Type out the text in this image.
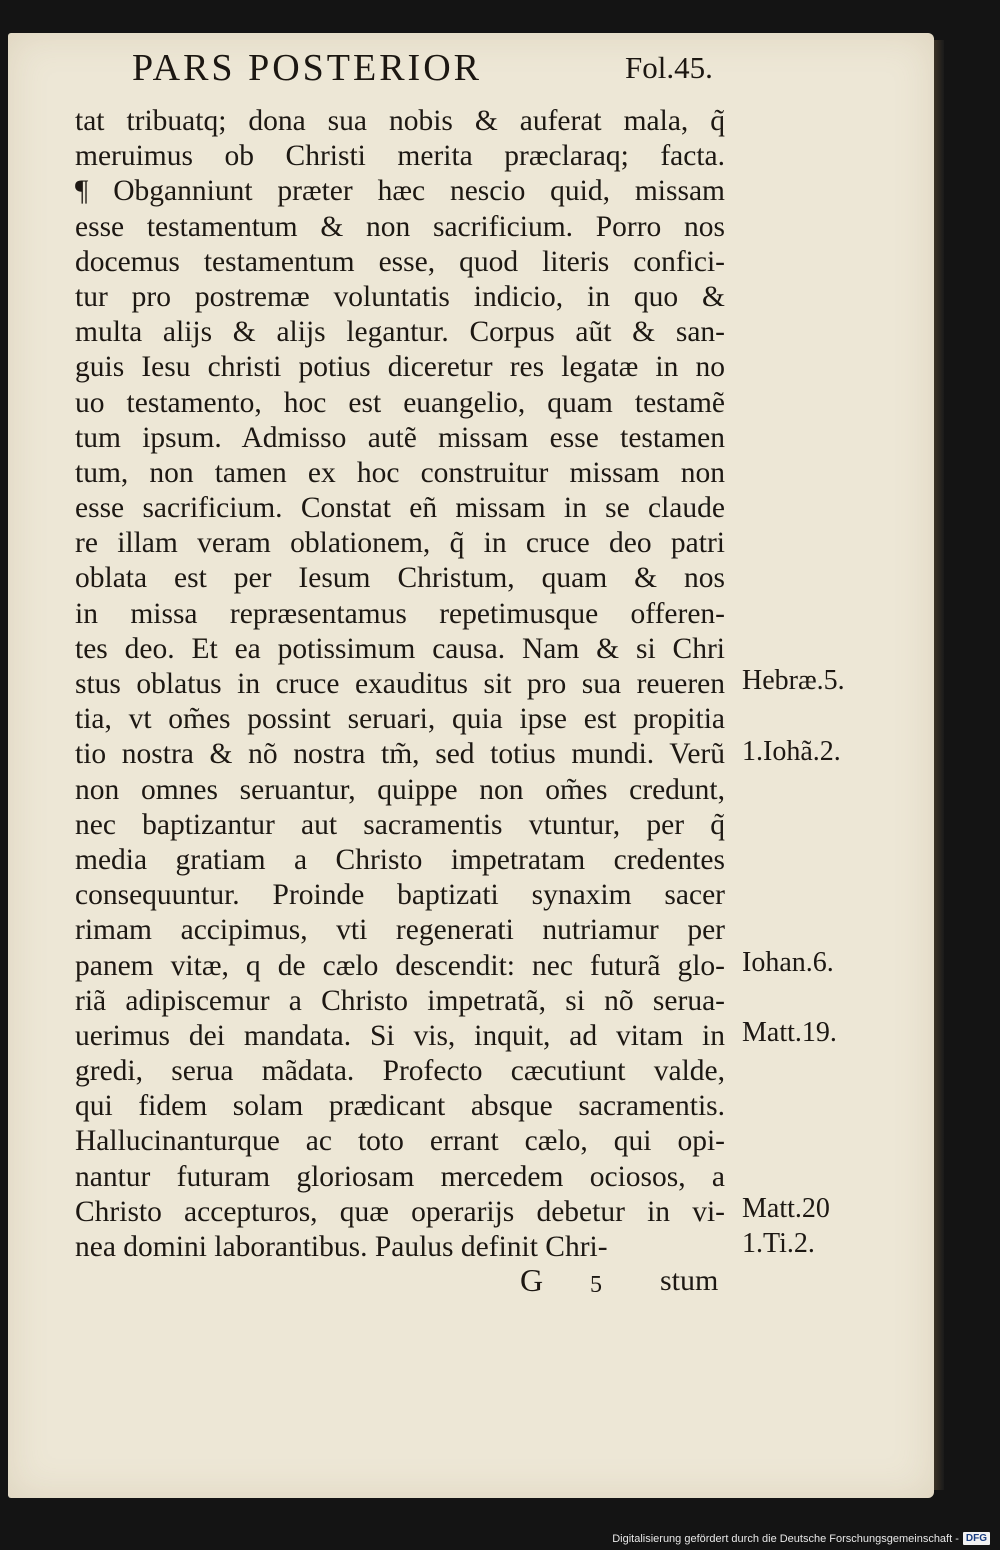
PARS POSTERIOR	Fol.45.
tat tribuatq; dona sua nobis & auferat mala, q̃
meruimus ob Christi merita præclaraq; facta.
¶ Obganniunt præter hæc nescio quid, missam
esse testamentum & non sacrificium. Porro nos
docemus testamentum esse, quod literis confici-
tur pro postremæ voluntatis indicio, in quo &
multa alijs & alijs legantur. Corpus aũt & san-
guis Iesu christi potius diceretur res legatæ in no
uo testamento, hoc est euangelio, quam testamẽ
tum ipsum. Admisso autẽ missam esse testamen
tum, non tamen ex hoc construitur missam non
esse sacrificium. Constat eñ missam in se claude
re illam veram oblationem, q̃ in cruce deo patri
oblata est per Iesum Christum, quam & nos
in missa repræsentamus repetimusque offeren-
tes deo. Et ea potissimum causa. Nam & si Chri
stus oblatus in cruce exauditus sit pro sua reueren
tia, vt om̃es possint seruari, quia ipse est propitia
tio nostra & nõ nostra tm̃, sed totius mundi. Verũ
non omnes seruantur, quippe non om̃es credunt,
nec baptizantur aut sacramentis vtuntur, per q̃
media gratiam a Christo impetratam credentes
consequuntur. Proinde baptizati synaxim sacer
rimam accipimus, vti regenerati nutriamur per
panem vitæ, q de cælo descendit: nec futurã glo-
riã adipiscemur a Christo impetratã, si nõ serua-
uerimus dei mandata. Si vis, inquit, ad vitam in
gredi, serua mãdata. Profecto cæcutiunt valde,
qui fidem solam prædicant absque sacramentis.
Hallucinanturque ac toto errant cælo, qui opi-
nantur futuram gloriosam mercedem ociosos, a
Christo accepturos, quæ operarijs debetur in vi-
nea domini laborantibus. Paulus definit Chri-
Hebræ.5.
1.Iohã.2.
Iohan.6.
Matt.19.
Matt.20
1.Ti.2.
G 5 stum
Digitalisierung gefördert durch die Deutsche Forschungsgemeinschaft - DFG
